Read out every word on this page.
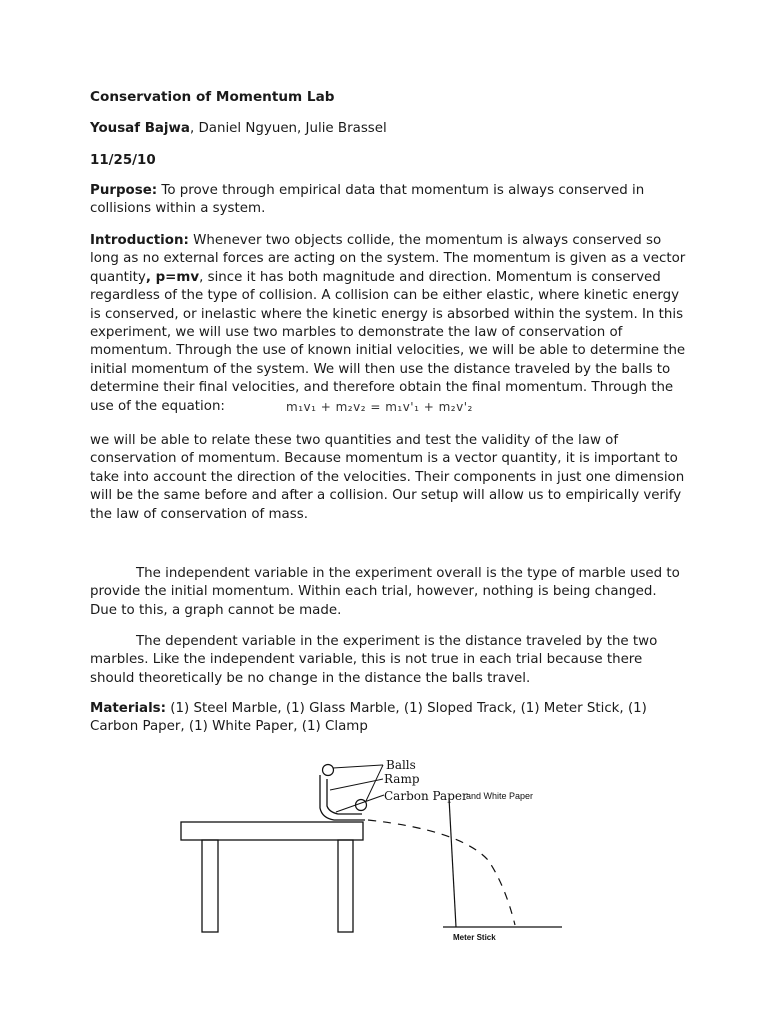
Conservation of Momentum Lab
Yousaf Bajwa, Daniel Ngyuen, Julie Brassel
11/25/10

Purpose: To prove through empirical data that momentum is always conserved in collisions within a system.

Introduction: Whenever two objects collide, the momentum is always conserved so long as no external forces are acting on the system. The momentum is given as a vector quantity, p=mv, since it has both magnitude and direction. Momentum is conserved regardless of the type of collision. A collision can be either elastic, where kinetic energy is conserved, or inelastic where the kinetic energy is absorbed within the system. In this experiment, we will use two marbles to demonstrate the law of conservation of momentum. Through the use of known initial velocities, we will be able to determine the initial momentum of the system. We will then use the distance traveled by the balls to determine their final velocities, and therefore obtain the final momentum. Through the use of the equation:	m₁v₁ + m₂v₂ = m₁v'₁ + m₂v'₂

we will be able to relate these two quantities and test the validity of the law of conservation of momentum. Because momentum is a vector quantity, it is important to take into account the direction of the velocities. Their components in just one dimension will be the same before and after a collision. Our setup will allow us to empirically verify the law of conservation of mass.

The independent variable in the experiment overall is the type of marble used to provide the initial momentum. Within each trial, however, nothing is being changed. Due to this, a graph cannot be made.

The dependent variable in the experiment is the distance traveled by the two marbles. Like the independent variable, this is not true in each trial because there should theoretically be no change in the distance the balls travel.

Materials: (1) Steel Marble, (1) Glass Marble, (1) Sloped Track, (1) Meter Stick, (1) Carbon Paper, (1) White Paper, (1) Clamp

Balls
Ramp
Carbon Paper
and White Paper
Meter Stick
